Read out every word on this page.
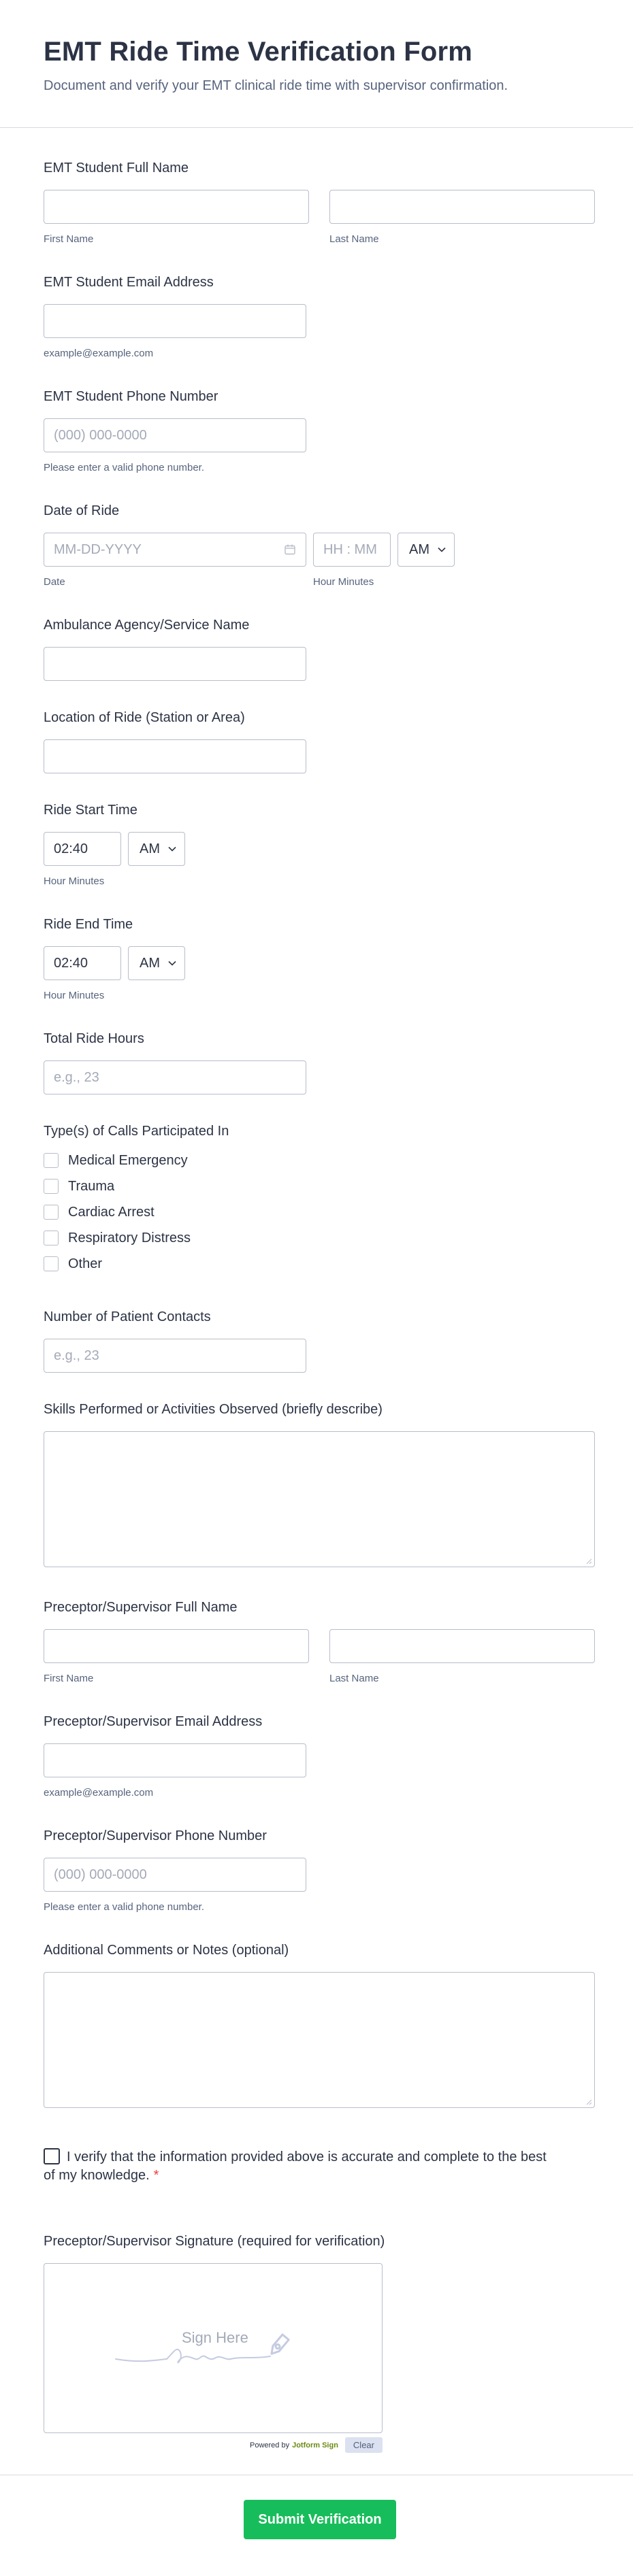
EMT Ride Time Verification Form

Document and verify your EMT clinical ride time with supervisor confirmation.

EMT Student Full Name
First Name	Last Name
EMT Student Email Address
example@example.com
EMT Student Phone Number
(000) 000-0000
Please enter a valid phone number.
Date of Ride
MM-DD-YYYY
Date
HH : MM
Hour Minutes
AM
Ambulance Agency/Service Name
Location of Ride (Station or Area)
Ride Start Time
02:40	AM
Hour Minutes
Ride End Time
02:40	AM
Hour Minutes
Total Ride Hours
e.g., 23
Type(s) of Calls Participated In
Medical Emergency
Trauma
Cardiac Arrest
Respiratory Distress
Other
Number of Patient Contacts
e.g., 23
Skills Performed or Activities Observed (briefly describe)
Preceptor/Supervisor Full Name
First Name	Last Name
Preceptor/Supervisor Email Address
example@example.com
Preceptor/Supervisor Phone Number
(000) 000-0000
Please enter a valid phone number.
Additional Comments or Notes (optional)
I verify that the information provided above is accurate and complete to the best of my knowledge. *
Preceptor/Supervisor Signature (required for verification)
Sign Here
Powered by Jotform Sign	Clear
Submit Verification
